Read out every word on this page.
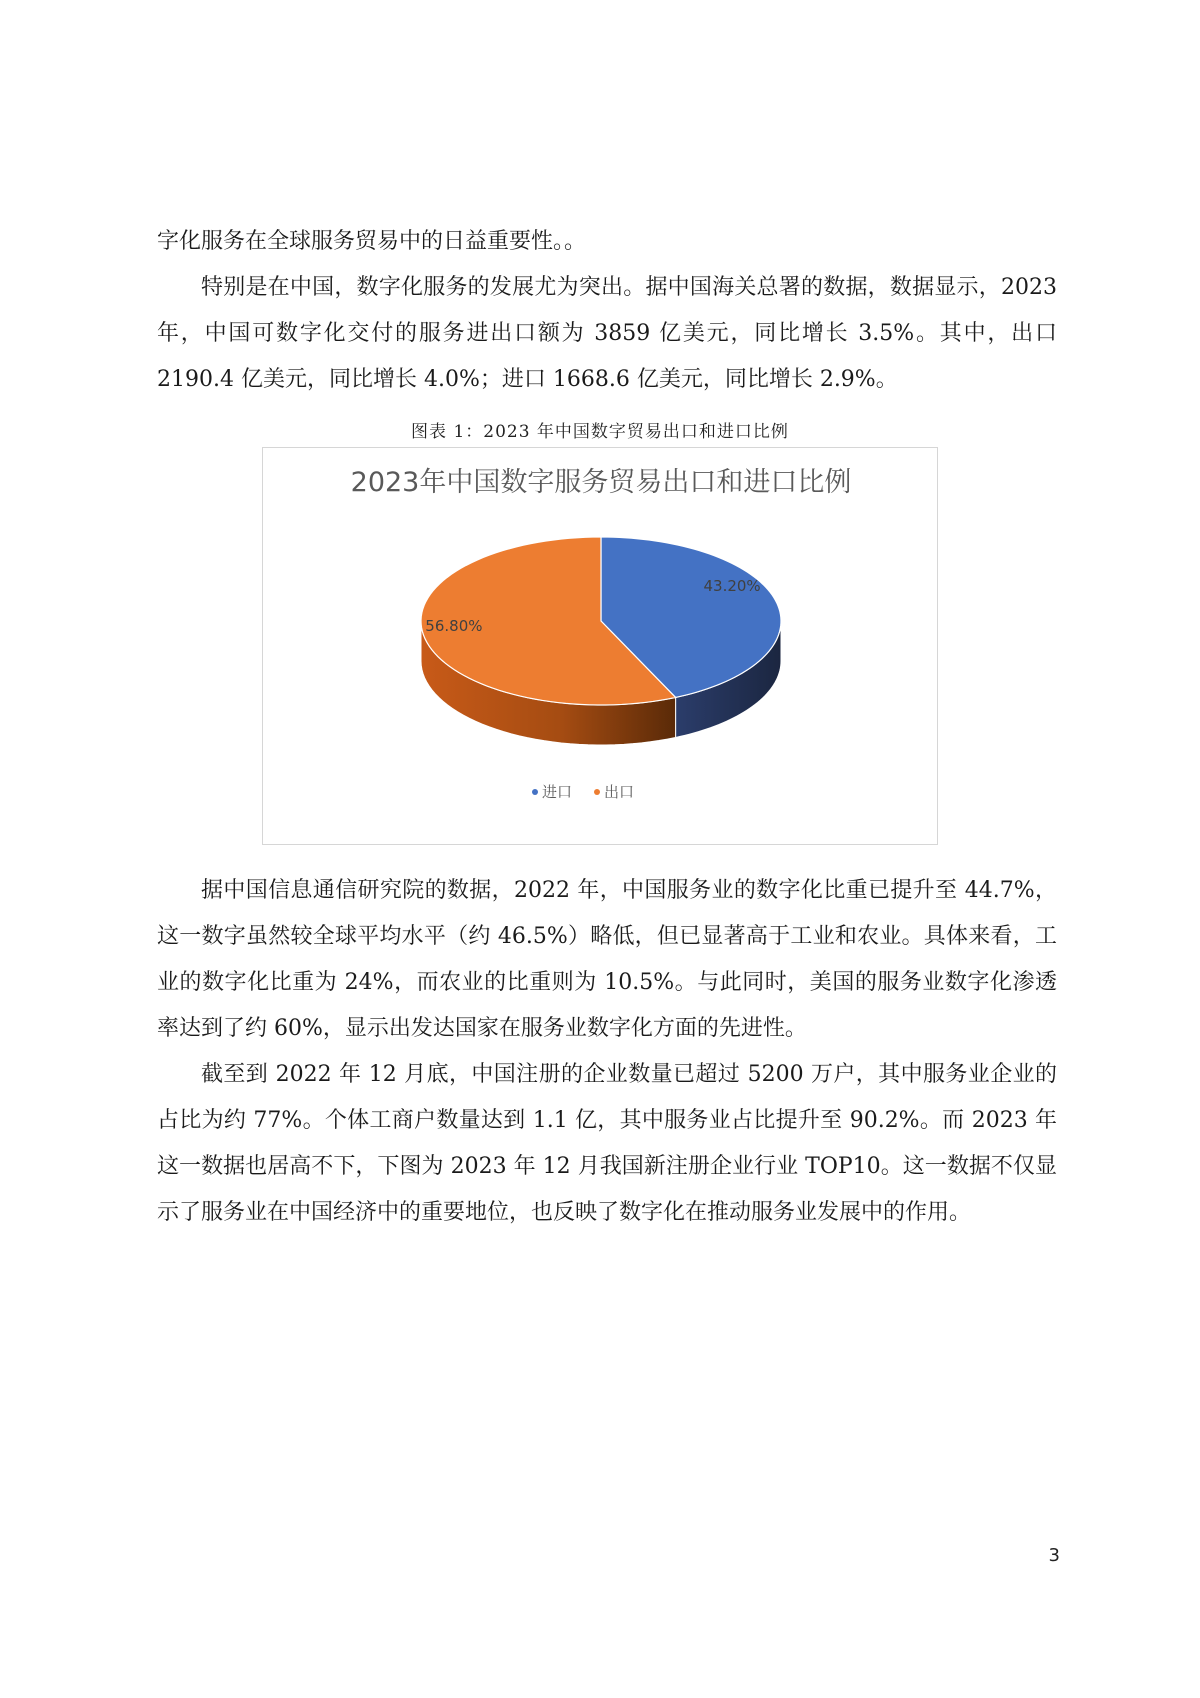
字化服务在全球服务贸易中的日益重要性。。

特别是在中国，数字化服务的发展尤为突出。据中国海关总署的数据，数据显示，2023 年，中国可数字化交付的服务进出口额为 3859 亿美元，同比增长 3.5%。其中，出口 2190.4 亿美元，同比增长 4.0%；进口 1668.6 亿美元，同比增长 2.9%。

图表 1：2023 年中国数字贸易出口和进口比例

2023年中国数字服务贸易出口和进口比例
43.20%
56.80%
进口 出口

据中国信息通信研究院的数据，2022 年，中国服务业的数字化比重已提升至 44.7%，这一数字虽然较全球平均水平（约 46.5%）略低，但已显著高于工业和农业。具体来看，工业的数字化比重为 24%，而农业的比重则为 10.5%。与此同时，美国的服务业数字化渗透率达到了约 60%，显示出发达国家在服务业数字化方面的先进性。

截至到 2022 年 12 月底，中国注册的企业数量已超过 5200 万户，其中服务业企业的占比为约 77%。个体工商户数量达到 1.1 亿，其中服务业占比提升至 90.2%。而 2023 年这一数据也居高不下，下图为 2023 年 12 月我国新注册企业行业 TOP10。这一数据不仅显示了服务业在中国经济中的重要地位，也反映了数字化在推动服务业发展中的作用。

3
